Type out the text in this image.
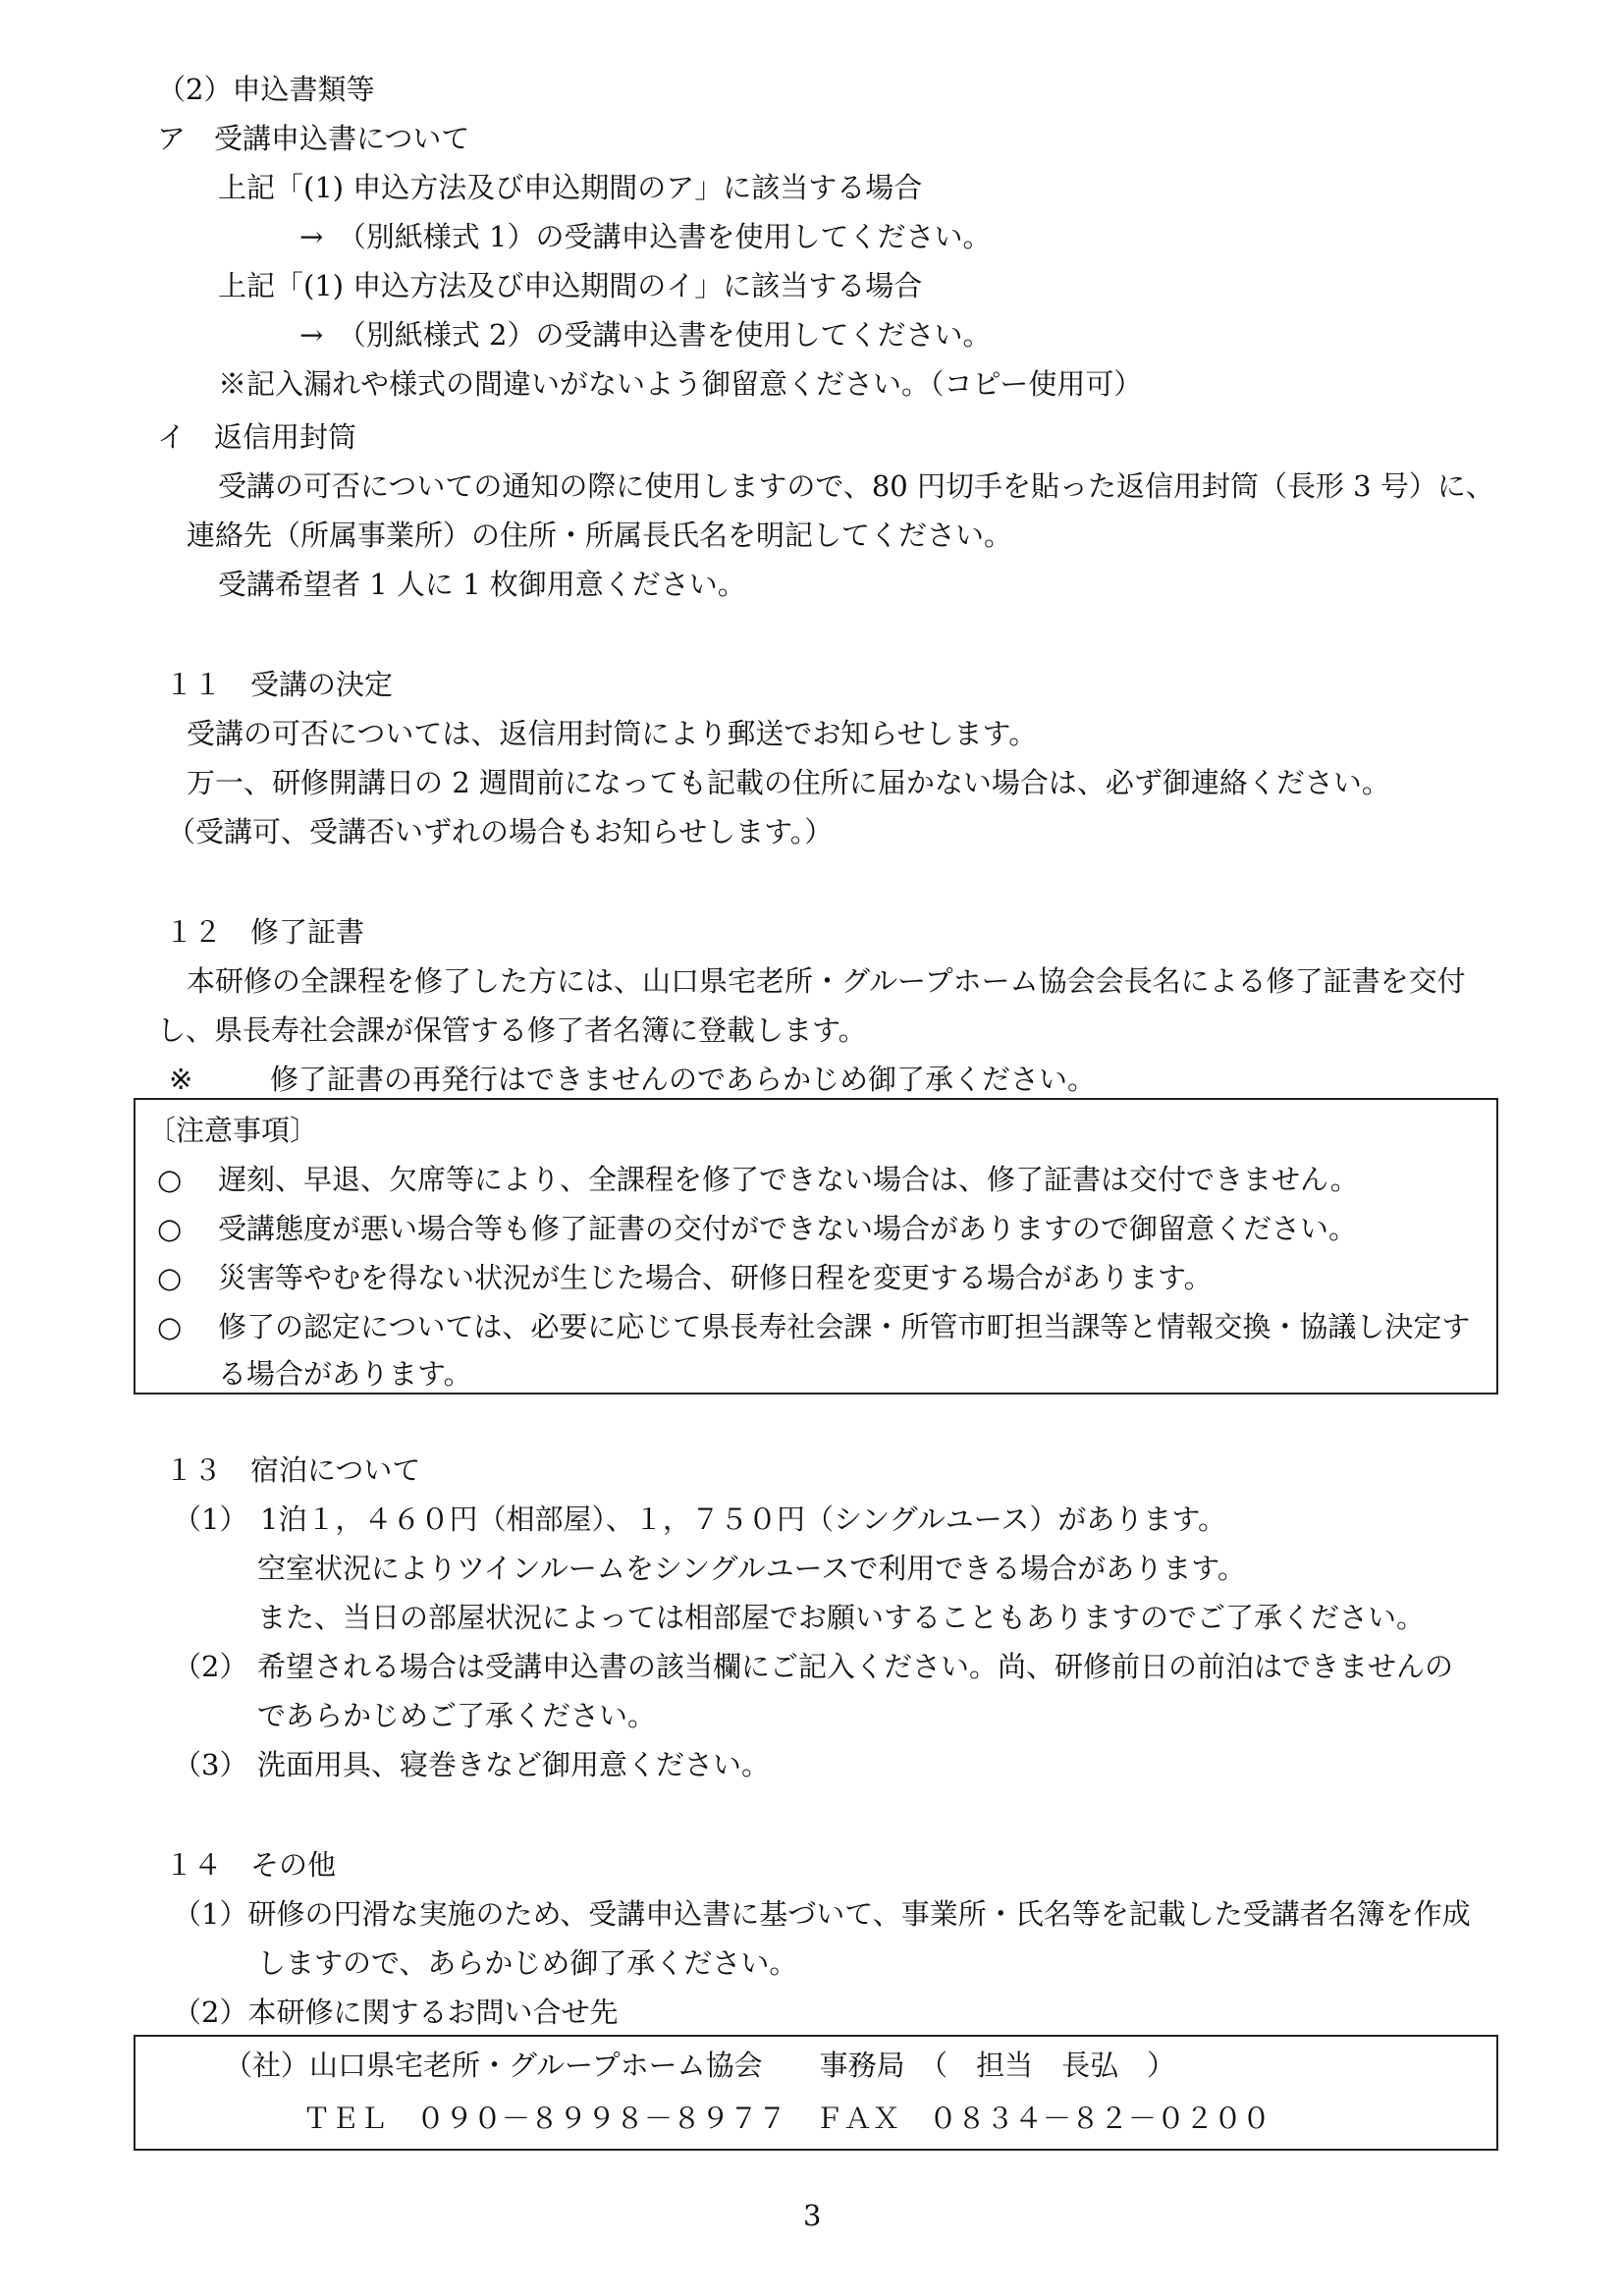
（2）申込書類等

ア　受講申込書について

上記「(1) 申込方法及び申込期間のア」に該当する場合

→　（別紙様式 1）の受講申込書を使用してください。

上記「(1) 申込方法及び申込期間のイ」に該当する場合

→　（別紙様式 2）の受講申込書を使用してください。

※記入漏れや様式の間違いがないよう御留意ください。（コピー使用可）

イ　返信用封筒

受講の可否についての通知の際に使用しますので、80 円切手を貼った返信用封筒（長形 3 号）に、

連絡先（所属事業所）の住所・所属長氏名を明記してください。

受講希望者 1 人に 1 枚御用意ください。

１１　受講の決定

受講の可否については、返信用封筒により郵送でお知らせします。

万一、研修開講日の 2 週間前になっても記載の住所に届かない場合は、必ず御連絡ください。

（受講可、受講否いずれの場合もお知らせします。）

１２　修了証書

本研修の全課程を修了した方には、山口県宅老所・グループホーム協会会長名による修了証書を交付

し、県長寿社会課が保管する修了者名簿に登載します。

※	修了証書の再発行はできませんのであらかじめ御了承ください。

〔注意事項〕

○ 遅刻、早退、欠席等により、全課程を修了できない場合は、修了証書は交付できません。

○ 受講態度が悪い場合等も修了証書の交付ができない場合がありますので御留意ください。

○ 災害等やむを得ない状況が生じた場合、研修日程を変更する場合があります。

○ 修了の認定については、必要に応じて県長寿社会課・所管市町担当課等と情報交換・協議し決定す

る場合があります。

１３　宿泊について

（1） 1泊１，４６０円（相部屋）、１，７５０円（シングルユース）があります。

空室状況によりツインルームをシングルユースで利用できる場合があります。

また、当日の部屋状況によっては相部屋でお願いすることもありますのでご了承ください。

（2） 希望される場合は受講申込書の該当欄にご記入ください。尚、研修前日の前泊はできませんの

であらかじめご了承ください。

（3） 洗面用具、寝巻きなど御用意ください。

１４　その他

（1）研修の円滑な実施のため、受講申込書に基づいて、事業所・氏名等を記載した受講者名簿を作成

しますので、あらかじめ御了承ください。

（2）本研修に関するお問い合せ先

（社）山口県宅老所・グループホーム協会　　事務局　（　担当　長弘　）

ＴＥＬ　０９０－８９９８－８９７７　ＦＡＸ　０８３４－８２－０２００

3
